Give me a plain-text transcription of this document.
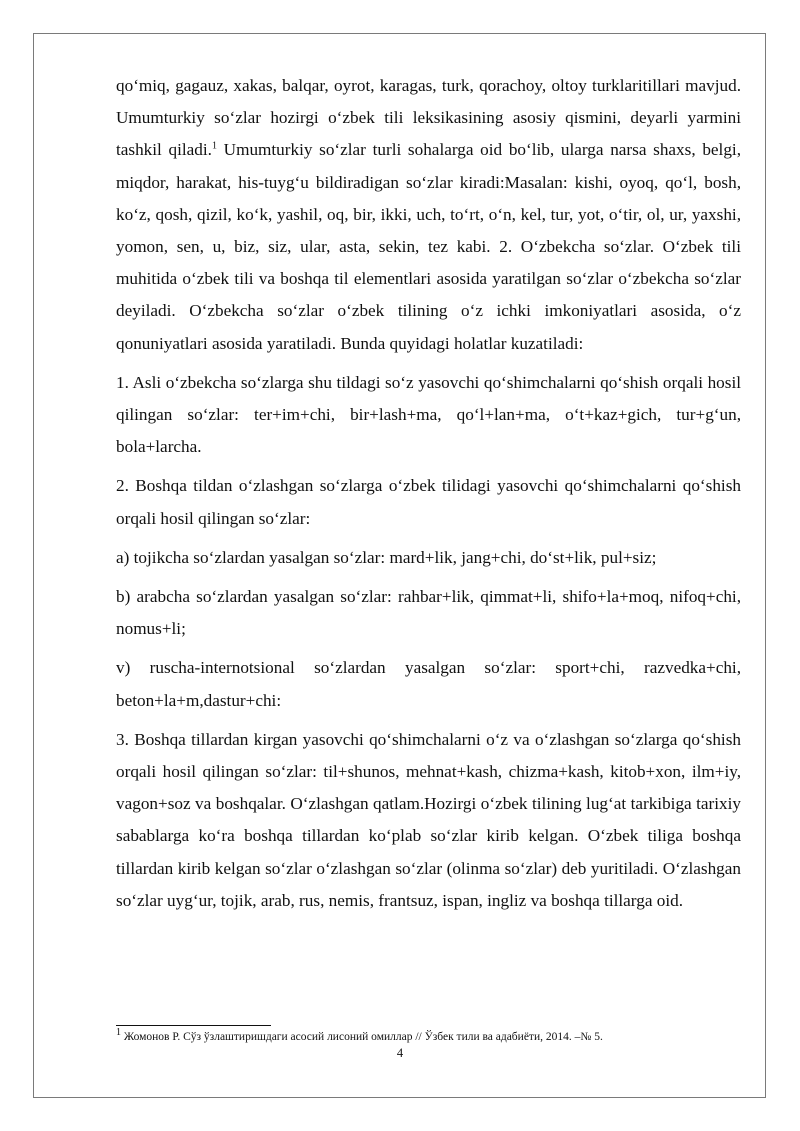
qoʻmiq, gagauz, xakas, balqar, oyrot, karagas, turk, qorachoy, oltoy turklaritillari mavjud. Umumturkiy soʻzlar hozirgi oʻzbek tili leksikasining asosiy qismini, deyarli yarmini tashkil qiladi.$^1$ Umumturkiy soʻzlar turli sohalarga oid boʻlib, ularga narsa shaxs, belgi, miqdor, harakat, his-tuygʻu bildiradigan soʻzlar kiradi:Masalan: kishi, oyoq, qoʻl, bosh, koʻz, qosh, qizil, koʻk, yashil, oq, bir, ikki, uch, toʻrt, oʻn, kel, tur, yot, oʻtir, ol, ur, yaxshi, yomon, sen, u, biz, siz, ular, asta, sekin, tez kabi. 2. Oʻzbekcha soʻzlar. Oʻzbek tili muhitida oʻzbek tili va boshqa til elementlari asosida yaratilgan soʻzlar oʻzbekcha soʻzlar deyiladi. Oʻzbekcha soʻzlar oʻzbek tilining oʻz ichki imkoniyatlari asosida, oʻz qonuniyatlari asosida yaratiladi. Bunda quyidagi holatlar kuzatiladi:

1. Asli oʻzbekcha soʻzlarga shu tildagi soʻz yasovchi qoʻshimchalarni qoʻshish orqali hosil qilingan soʻzlar: ter+im+chi, bir+lash+ma, qoʻl+lan+ma, oʻt+kaz+gich, tur+gʻun, bola+larcha.

2. Boshqa tildan oʻzlashgan soʻzlarga oʻzbek tilidagi yasovchi qoʻshimchalarni qoʻshish orqali hosil qilingan soʻzlar:

a) tojikcha soʻzlardan yasalgan soʻzlar: mard+lik, jang+chi, doʻst+lik, pul+siz;

b) arabcha soʻzlardan yasalgan soʻzlar: rahbar+lik, qimmat+li, shifo+la+moq, nifoq+chi, nomus+li;

v) ruscha-internotsional soʻzlardan yasalgan soʻzlar: sport+chi, razvedka+chi, beton+la+m,dastur+chi:

3. Boshqa tillardan kirgan yasovchi qoʻshimchalarni oʻz va oʻzlashgan soʻzlarga qoʻshish orqali hosil qilingan soʻzlar: til+shunos, mehnat+kash, chizma+kash, kitob+xon, ilm+iy, vagon+soz va boshqalar. Oʻzlashgan qatlam.Hozirgi oʻzbek tilining lugʻat tarkibiga tarixiy sabablarga koʻra boshqa tillardan koʻplab soʻzlar kirib kelgan. Oʻzbek tiliga boshqa tillardan kirib kelgan soʻzlar oʻzlashgan soʻzlar (olinma soʻzlar) deb yuritiladi. Oʻzlashgan soʻzlar uygʻur, tojik, arab, rus, nemis, frantsuz, ispan, ingliz va boshqa tillarga oid.

$^1$ Жомонов Р. Сўз ўзлаштиришдаги асосий лисоний омиллар // Ўзбек тили ва адабиёти, 2014. –№ 5.
4
